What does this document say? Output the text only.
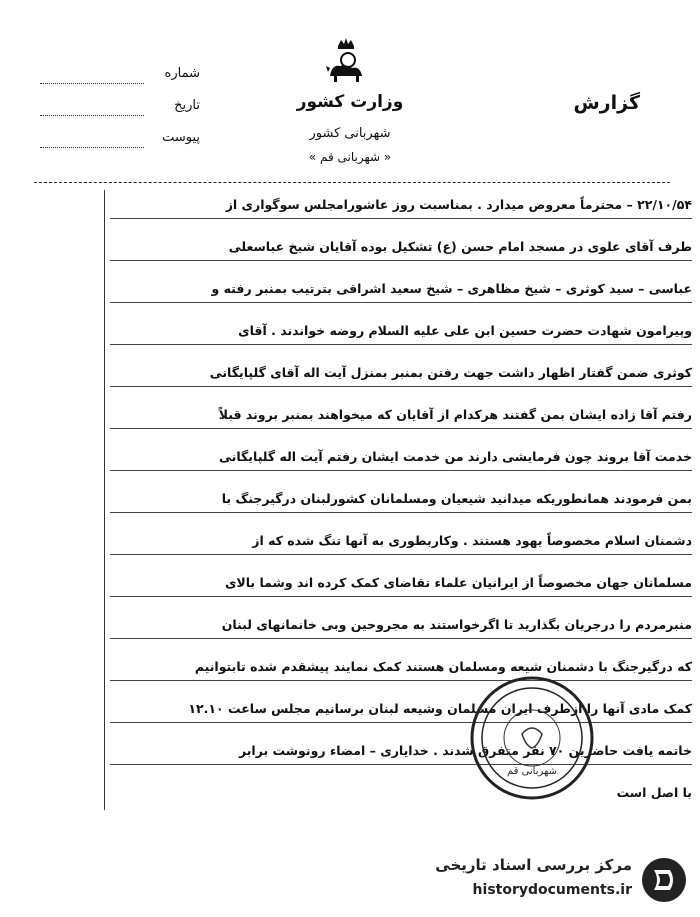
وزارت کشور
شهربانی کشور
« شهربانی قم »
گزارش
شماره
تاریخ
پیوست
۲۲/۱۰/۵۴ – محترماً معروض میدارد . بمناسبت روز عاشورامجلس سوگواری از
طرف آقای علوی در مسجد امام حسن (ع) تشکیل بوده آقایان شیخ عباسعلی
عباسی – سید کوثری – شیخ مظاهری – شیخ سعید اشراقی بترتیب بمنبر رفته و
وپیرامون شهادت حضرت حسین ابن علی علیه السلام روضه خواندند . آقای
کوثری ضمن گفتار اظهار داشت جهت رفتن بمنبر بمنزل آیت اله آقای گلپایگانی
رفتم آقا زاده ایشان بمن گفتند هرکدام از آقایان که میخواهند بمنبر بروند قبلاً
خدمت آقا بروند چون فرمایشی دارند من خدمت ایشان رفتم آیت اله گلپایگانی
بمن فرمودند همانطوریکه میدانید شیعیان ومسلمانان کشورلبنان درگیرجنگ با
دشمنان اسلام مخصوصاً یهود هستند . وکاربطوری به آنها تنگ شده که از
مسلمانان جهان مخصوصاً از ایرانیان علماء تقاضای کمک کرده اند وشما بالای
منبرمردم را درجریان بگذارید تا اگرخواستند به مجروحین وبی خانمانهای لبنان
که درگیرجنگ با دشمنان شیعه ومسلمان هستند کمک نمایند پیشقدم شده تابتوانیم
کمک مادی آنها را ازطرف ایران مسلمان وشیعه لبنان برسانیم مجلس ساعت ۱۲.۱۰
خاتمه یافت حاضرین ۷۰ نفر متفرق شدند . خدایاری – امضاء رونوشت برابر
با اصل است
شهربانی قم
مرکز بررسی اسناد تاریخی
historydocuments.ir
